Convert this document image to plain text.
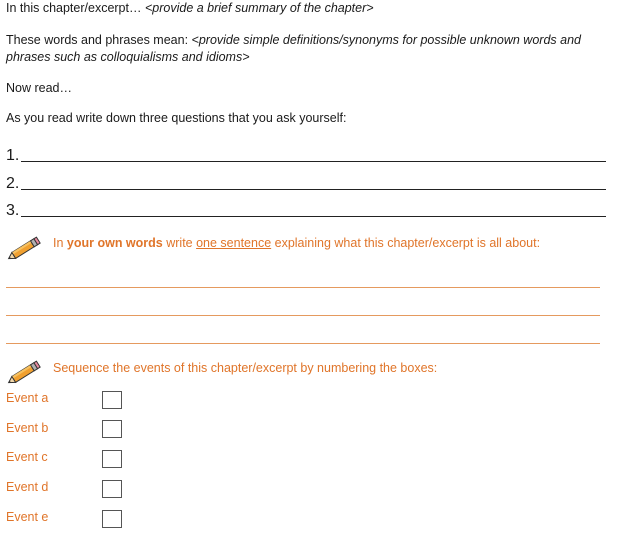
In this chapter/excerpt… <provide a brief summary of the chapter>
These words and phrases mean: <provide simple definitions/synonyms for possible unknown words and phrases such as colloquialisms and idioms>
Now read…
As you read write down three questions that you ask yourself:
1.
2.
3.
In your own words write one sentence explaining what this chapter/excerpt is all about:
Sequence the events of this chapter/excerpt by numbering the boxes:
Event a
Event b
Event c
Event d
Event e
